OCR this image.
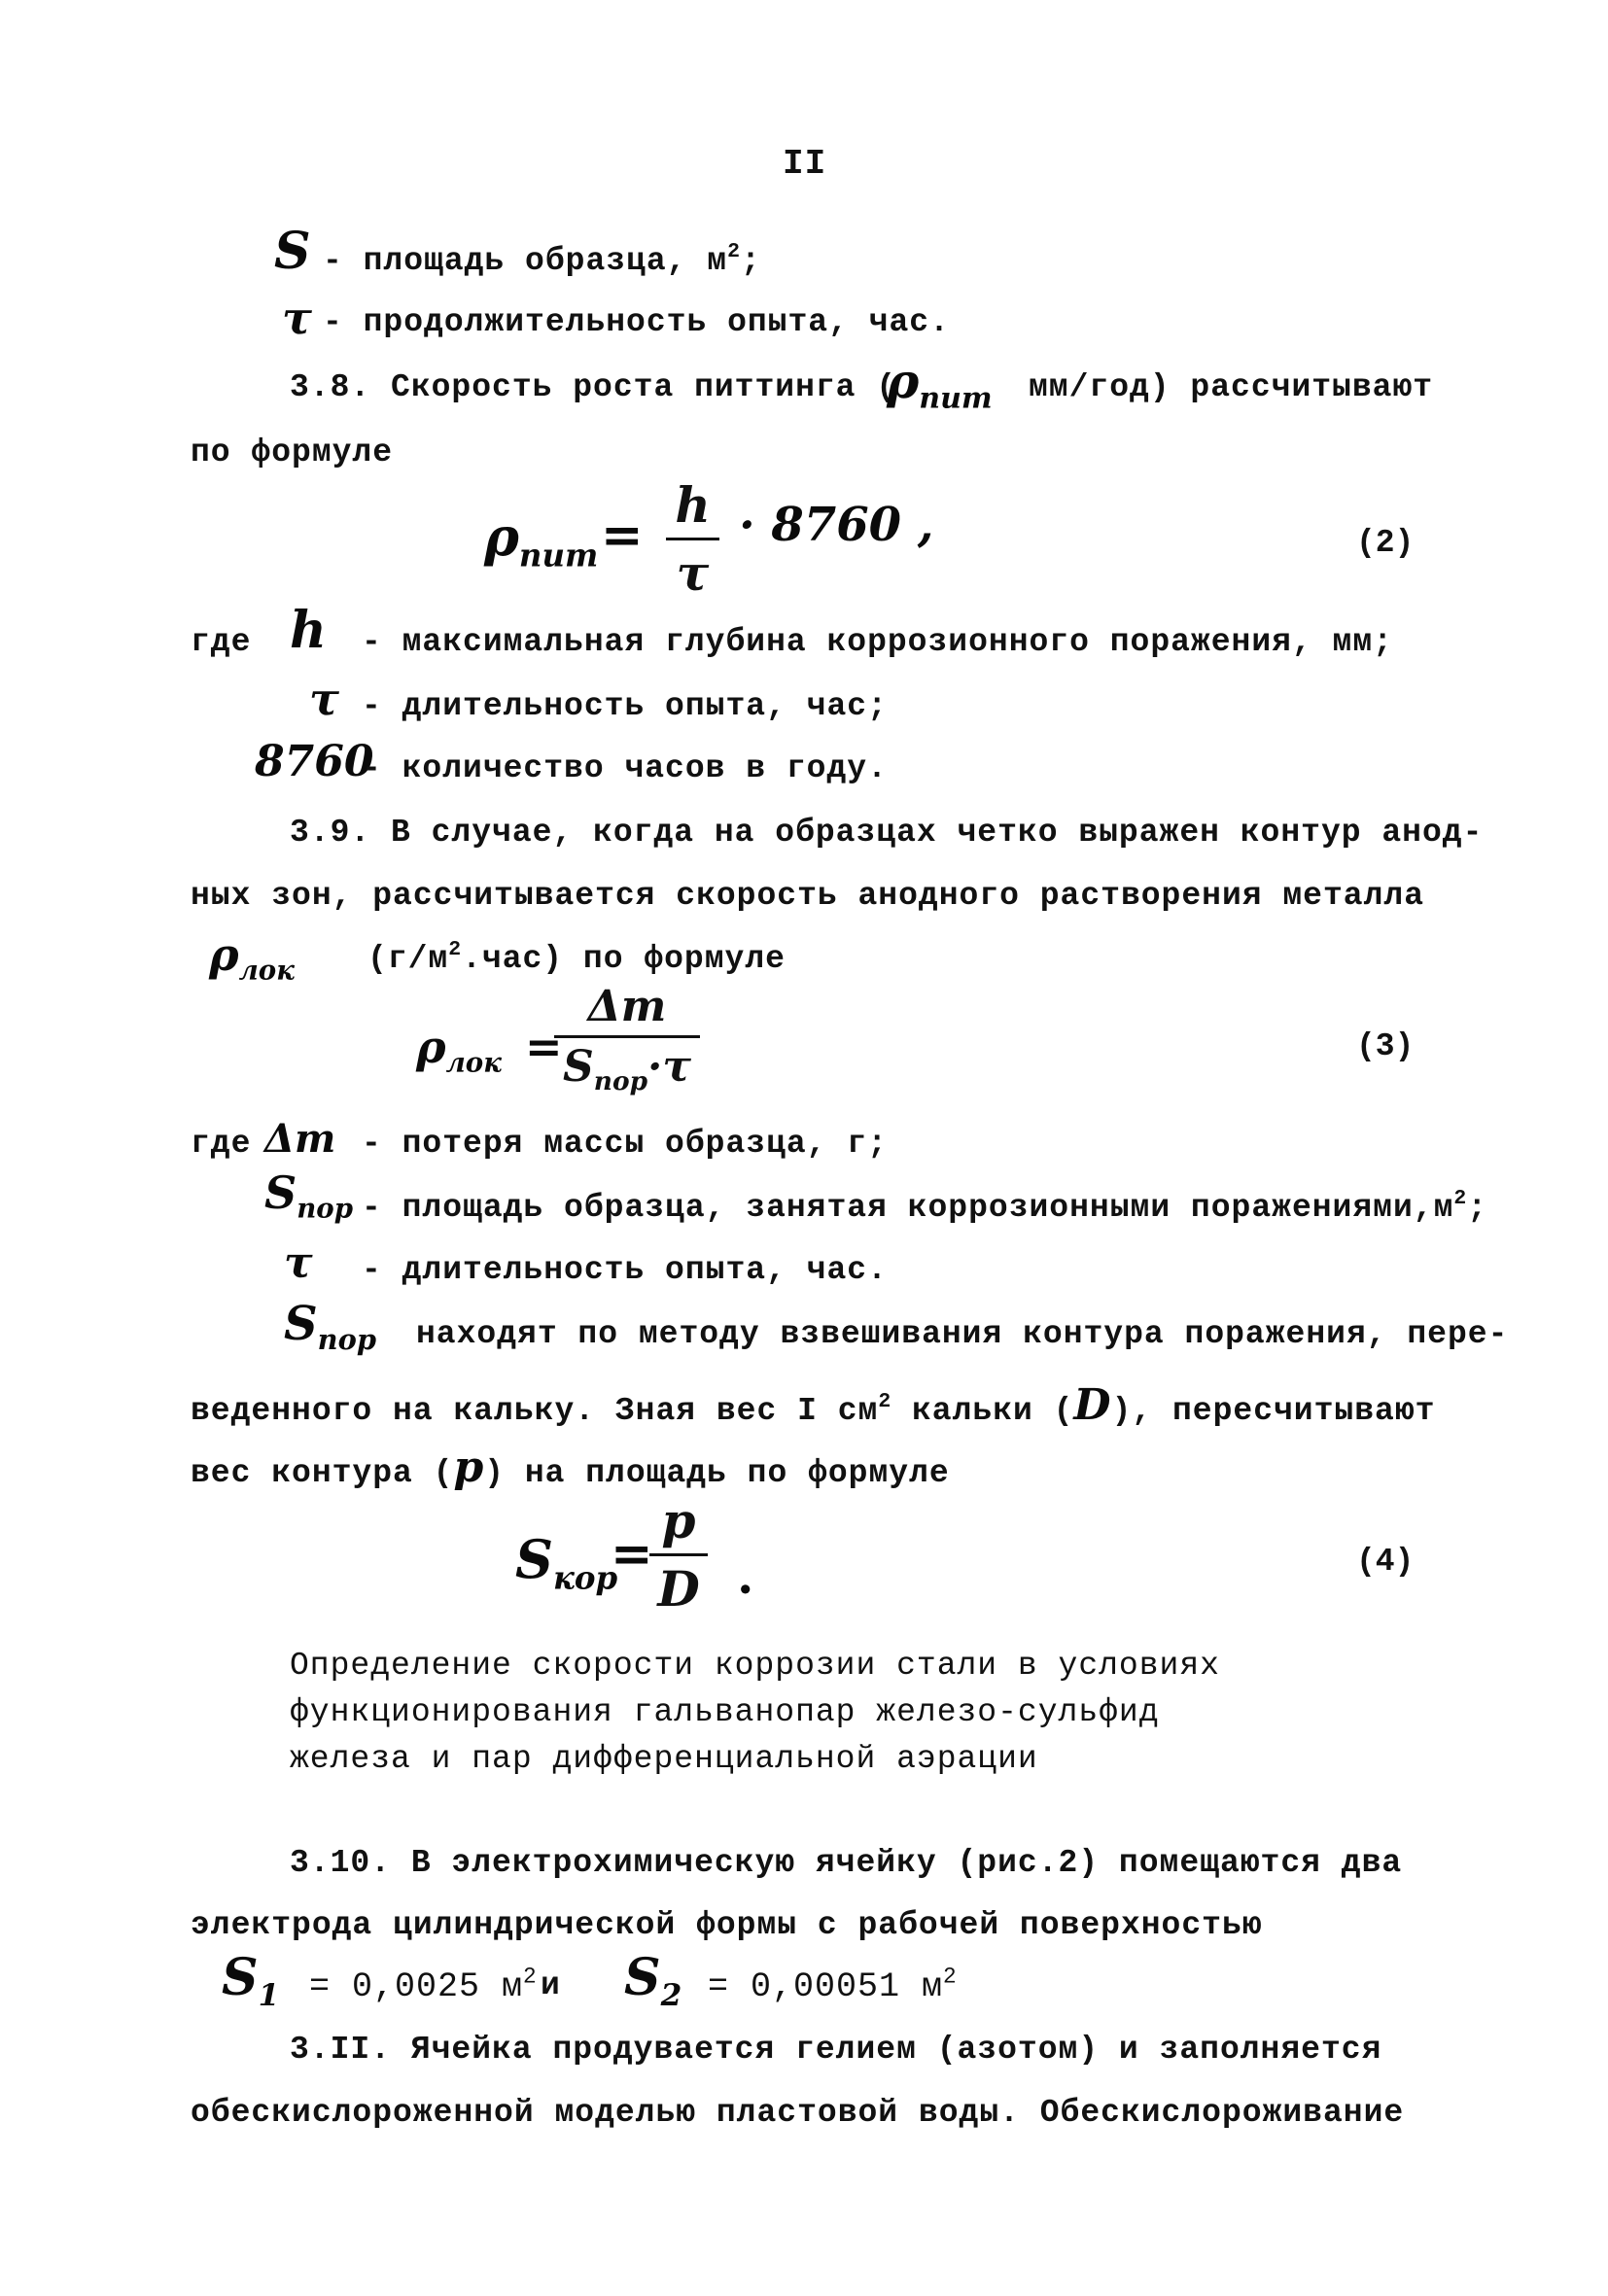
II
S - площадь образца, $м^2$;
τ - продолжительность опыта, час.
3.8. Скорость роста питтинга (
$\rho_{пит}$ мм/год) рассчитывают
по формуле
$\rho_{пит}$ =
h
τ
· 8760 ,	(2)
где h - максимальная глубина коррозионного поражения, мм;
τ - длительность опыта, час;
8760
- количество часов в году.
3.9. В случае, когда на образцах четко выражен контур анод-
ных зон, рассчитывается скорость анодного растворения металла
$\rho_{лок}$ $(г/м^2.час)$ по формуле
$\rho_{лок}$ =
Δm
$S_{пор}\cdot\tau$	(3)
где Δm - потеря массы образца, г;
$S_{пор}$ - площадь образца, занятая коррозионными $поражениями,м^2$;
τ - длительность опыта, час.
$S_{пор}$ находят по методу взвешивания контура поражения, пере-
веденного на кальку. Зная вес I $см^2$ кальки (D), пересчитывают
вес контура (p) на площадь по формуле
$S_{кор}$
=
p
D .	(4)
Определение скорости коррозии стали в условиях
функционирования гальванопар железо-сульфид
железа и пар дифференциальной аэрации
3.10. В электрохимическую ячейку (рис.2) помещаются два
электрода цилиндрической формы с рабочей поверхностью
$S_1 = 0,0025$ $м^2$ и $S_2 = 0,00051$ $м^2$
3.II. Ячейка продувается гелием (азотом) и заполняется
обескислороженной моделью пластовой воды. Обескислороживание
